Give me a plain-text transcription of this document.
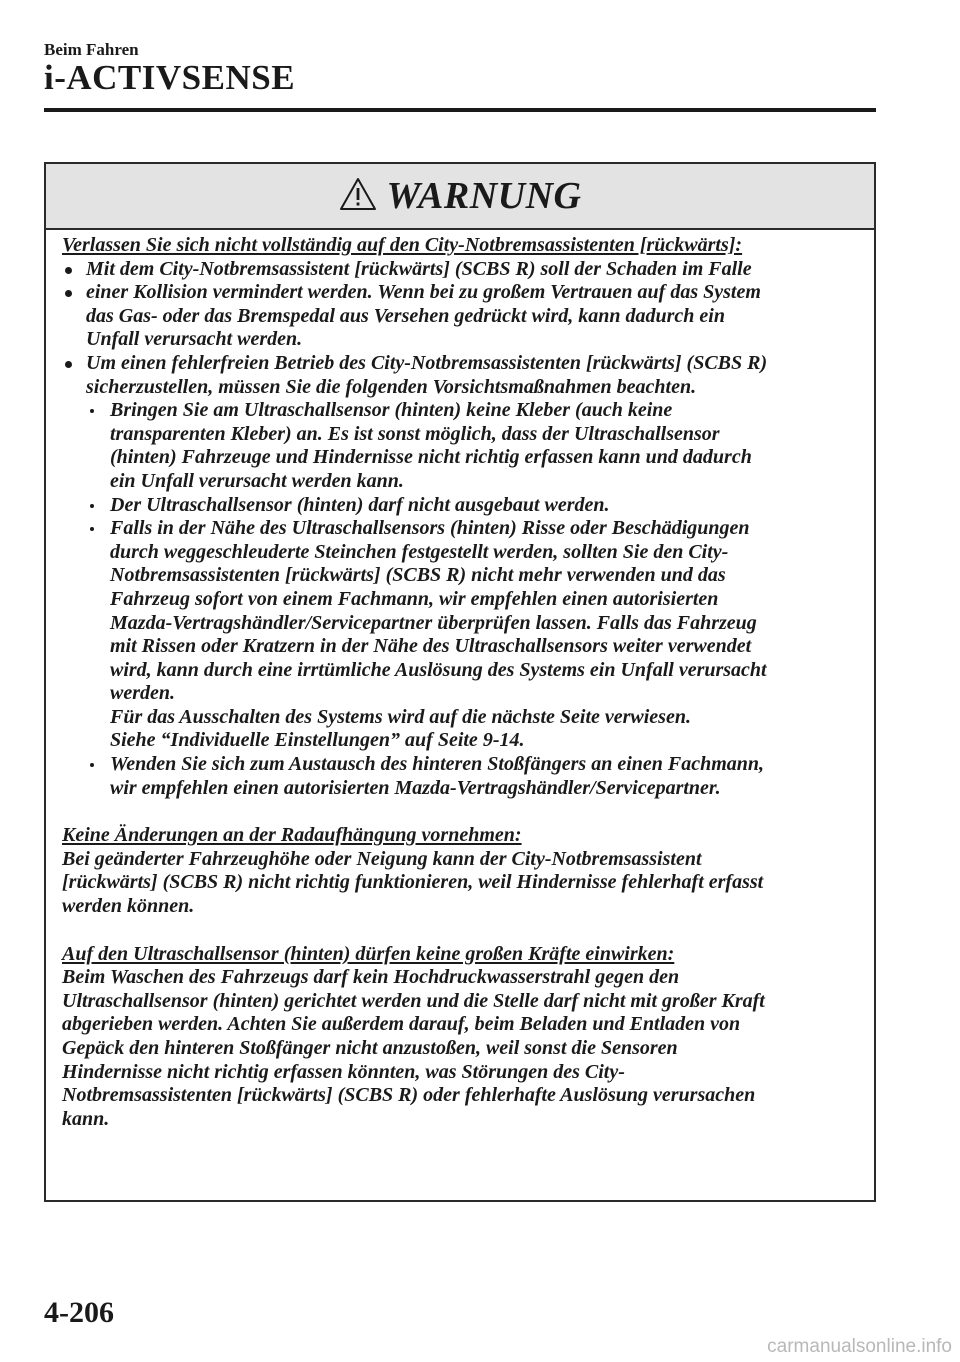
Beim Fahren
i-ACTIVSENSE
WARNUNG

Verlassen Sie sich nicht vollständig auf den City-Notbremsassistenten [rückwärts]:

Mit dem City-Notbremsassistent [rückwärts] (SCBS R) soll der Schaden im Falle

einer Kollision vermindert werden. Wenn bei zu großem Vertrauen auf das System

das Gas- oder das Bremspedal aus Versehen gedrückt wird, kann dadurch ein

Unfall verursacht werden.

Um einen fehlerfreien Betrieb des City-Notbremsassistenten [rückwärts] (SCBS R)

sicherzustellen, müssen Sie die folgenden Vorsichtsmaßnahmen beachten.

Bringen Sie am Ultraschallsensor (hinten) keine Kleber (auch keine

transparenten Kleber) an. Es ist sonst möglich, dass der Ultraschallsensor

(hinten) Fahrzeuge und Hindernisse nicht richtig erfassen kann und dadurch

ein Unfall verursacht werden kann.

Der Ultraschallsensor (hinten) darf nicht ausgebaut werden.

Falls in der Nähe des Ultraschallsensors (hinten) Risse oder Beschädigungen

durch weggeschleuderte Steinchen festgestellt werden, sollten Sie den City-

Notbremsassistenten [rückwärts] (SCBS R) nicht mehr verwenden und das

Fahrzeug sofort von einem Fachmann, wir empfehlen einen autorisierten

Mazda-Vertragshändler/Servicepartner überprüfen lassen. Falls das Fahrzeug

mit Rissen oder Kratzern in der Nähe des Ultraschallsensors weiter verwendet

wird, kann durch eine irrtümliche Auslösung des Systems ein Unfall verursacht

werden.

Für das Ausschalten des Systems wird auf die nächste Seite verwiesen.

Siehe “Individuelle Einstellungen” auf Seite 9-14.

Wenden Sie sich zum Austausch des hinteren Stoßfängers an einen Fachmann,

wir empfehlen einen autorisierten Mazda-Vertragshändler/Servicepartner.

Keine Änderungen an der Radaufhängung vornehmen:

Bei geänderter Fahrzeughöhe oder Neigung kann der City-Notbremsassistent

[rückwärts] (SCBS R) nicht richtig funktionieren, weil Hindernisse fehlerhaft erfasst

werden können.

Auf den Ultraschallsensor (hinten) dürfen keine großen Kräfte einwirken:

Beim Waschen des Fahrzeugs darf kein Hochdruckwasserstrahl gegen den

Ultraschallsensor (hinten) gerichtet werden und die Stelle darf nicht mit großer Kraft

abgerieben werden. Achten Sie außerdem darauf, beim Beladen und Entladen von

Gepäck den hinteren Stoßfänger nicht anzustoßen, weil sonst die Sensoren

Hindernisse nicht richtig erfassen könnten, was Störungen des City-

Notbremsassistenten [rückwärts] (SCBS R) oder fehlerhafte Auslösung verursachen

kann.

4-206
carmanualsonline.info
